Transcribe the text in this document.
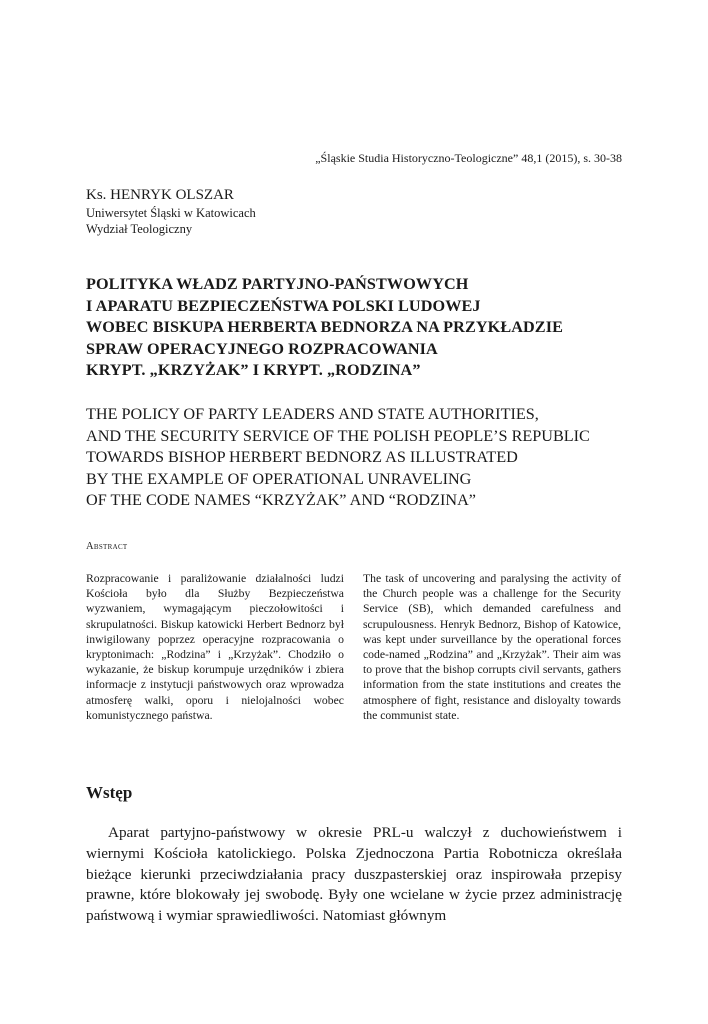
„Śląskie Studia Historyczno-Teologiczne” 48,1 (2015), s. 30-38
Ks. HENRYK OLSZAR
Uniwersytet Śląski w Katowicach
Wydział Teologiczny
POLITYKA WŁADZ PARTYJNO-PAŃSTWOWYCH
I APARATU BEZPIECZEŃSTWA POLSKI LUDOWEJ
WOBEC BISKUPA HERBERTA BEDNORZA NA PRZYKŁADZIE
SPRAW OPERACYJNEGO ROZPRACOWANIA
KRYPT. „KRZYŻAK” I KRYPT. „RODZINA”
THE POLICY OF PARTY LEADERS AND STATE AUTHORITIES,
AND THE SECURITY SERVICE OF THE POLISH PEOPLE’S REPUBLIC
TOWARDS BISHOP HERBERT BEDNORZ AS ILLUSTRATED
BY THE EXAMPLE OF OPERATIONAL UNRAVELING
OF THE CODE NAMES “KRZYŻAK” AND “RODZINA”
Abstract
Rozpracowanie i paraliżowanie działalności ludzi Kościoła było dla Służby Bezpieczeństwa wyzwaniem, wymagającym pieczołowitości i skrupulatności. Biskup katowicki Herbert Bednorz był inwigilowany poprzez operacyjne rozpracowania o kryptonimach: „Rodzina” i „Krzyżak”. Chodziło o wykazanie, że biskup korumpuje urzędników i zbiera informacje z instytucji państwowych oraz wprowadza atmosferę walki, oporu i nielojalności wobec komunistycznego państwa.
The task of uncovering and paralysing the activity of the Church people was a challenge for the Security Service (SB), which demanded carefulness and scrupulousness. Henryk Bednorz, Bishop of Katowice, was kept under surveillance by the operational forces code-named „Rodzina” and „Krzyżak”. Their aim was to prove that the bishop corrupts civil servants, gathers information from the state institutions and creates the atmosphere of fight, resistance and disloyalty towards the communist state.
Wstęp
Aparat partyjno-państwowy w okresie PRL-u walczył z duchowieństwem i wiernymi Kościoła katolickiego. Polska Zjednoczona Partia Robotnicza określała bieżące kierunki przeciwdziałania pracy duszpasterskiej oraz inspirowała przepisy prawne, które blokowały jej swobodę. Były one wcielane w życie przez administrację państwową i wymiar sprawiedliwości. Natomiast głównym
